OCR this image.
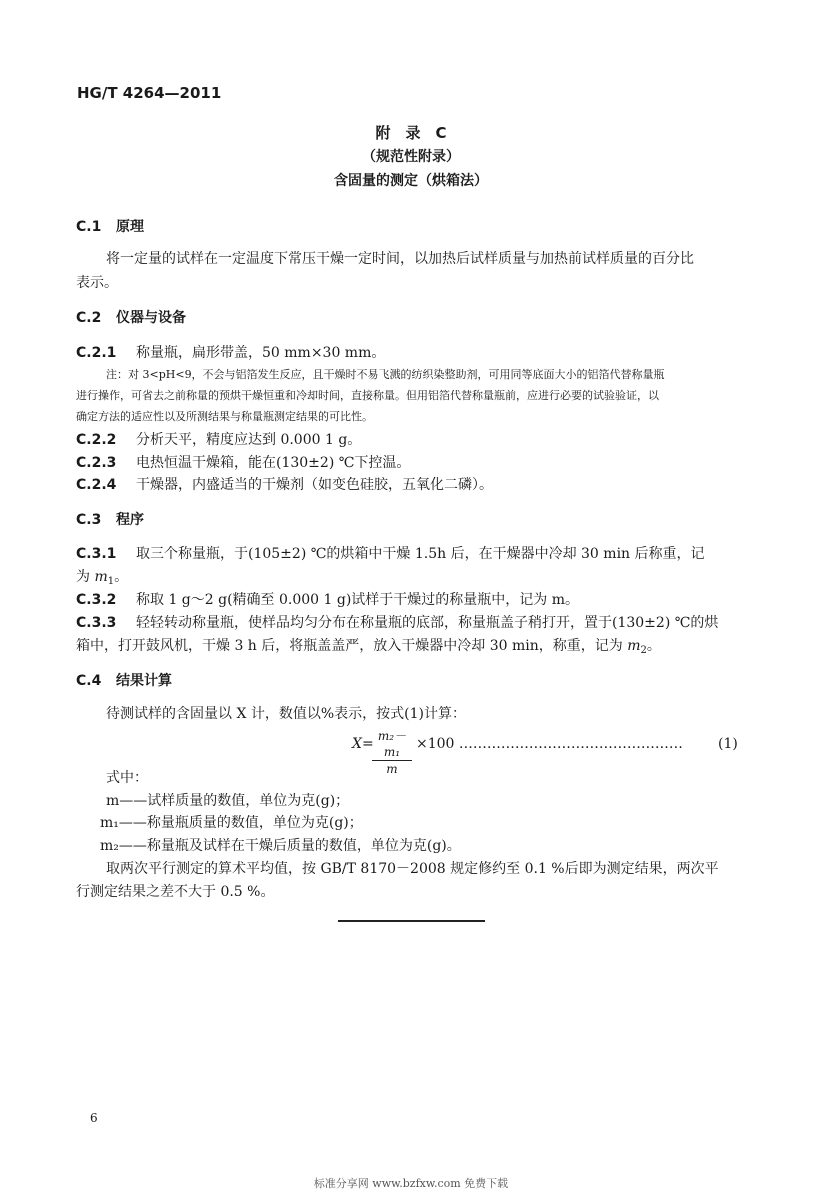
HG/T 4264—2011
附　录　C
（规范性附录）
含固量的测定（烘箱法）
C.1 原理
将一定量的试样在一定温度下常压干燥一定时间，以加热后试样质量与加热前试样质量的百分比
表示。
C.2 仪器与设备
C.2.1 称量瓶，扁形带盖，50 mm×30 mm。
注：对 3<pH<9，不会与铝箔发生反应，且干燥时不易飞溅的纺织染整助剂，可用同等底面大小的铝箔代替称量瓶
进行操作，可省去之前称量的预烘干燥恒重和冷却时间，直接称量。但用铝箔代替称量瓶前，应进行必要的试验验证，以
确定方法的适应性以及所测结果与称量瓶测定结果的可比性。
C.2.2 分析天平，精度应达到 0.000 1 g。
C.2.3 电热恒温干燥箱，能在(130±2) ℃下控温。
C.2.4 干燥器，内盛适当的干燥剂（如变色硅胶，五氧化二磷）。
C.3 程序
C.3.1 取三个称量瓶，于(105±2) ℃的烘箱中干燥 1.5h 后，在干燥器中冷却 30 min 后称重，记
为 $m_1$。
C.3.2 称取 1 g～2 g(精确至 0.000 1 g)试样于干燥过的称量瓶中，记为 m。
C.3.3 轻轻转动称量瓶，使样品均匀分布在称量瓶的底部，称量瓶盖子稍打开，置于(130±2) ℃的烘
箱中，打开鼓风机，干燥 3 h 后，将瓶盖盖严，放入干燥器中冷却 30 min，称重，记为 $m_2$。
C.4 结果计算
待测试样的含固量以 X 计，数值以%表示，按式(1)计算：
X=
$\frac{\text{m₂－m₁}}{m} \times 100$ …………………………………………	(1)
式中：
m——试样质量的数值，单位为克(g)；
m₁——称量瓶质量的数值，单位为克(g)；
m₂——称量瓶及试样在干燥后质量的数值，单位为克(g)。
取两次平行测定的算术平均值，按 GB/T 8170－2008 规定修约至 0.1 %后即为测定结果，两次平
行测定结果之差不大于 0.5 %。
6
标准分享网 www.bzfxw.com 免费下载
